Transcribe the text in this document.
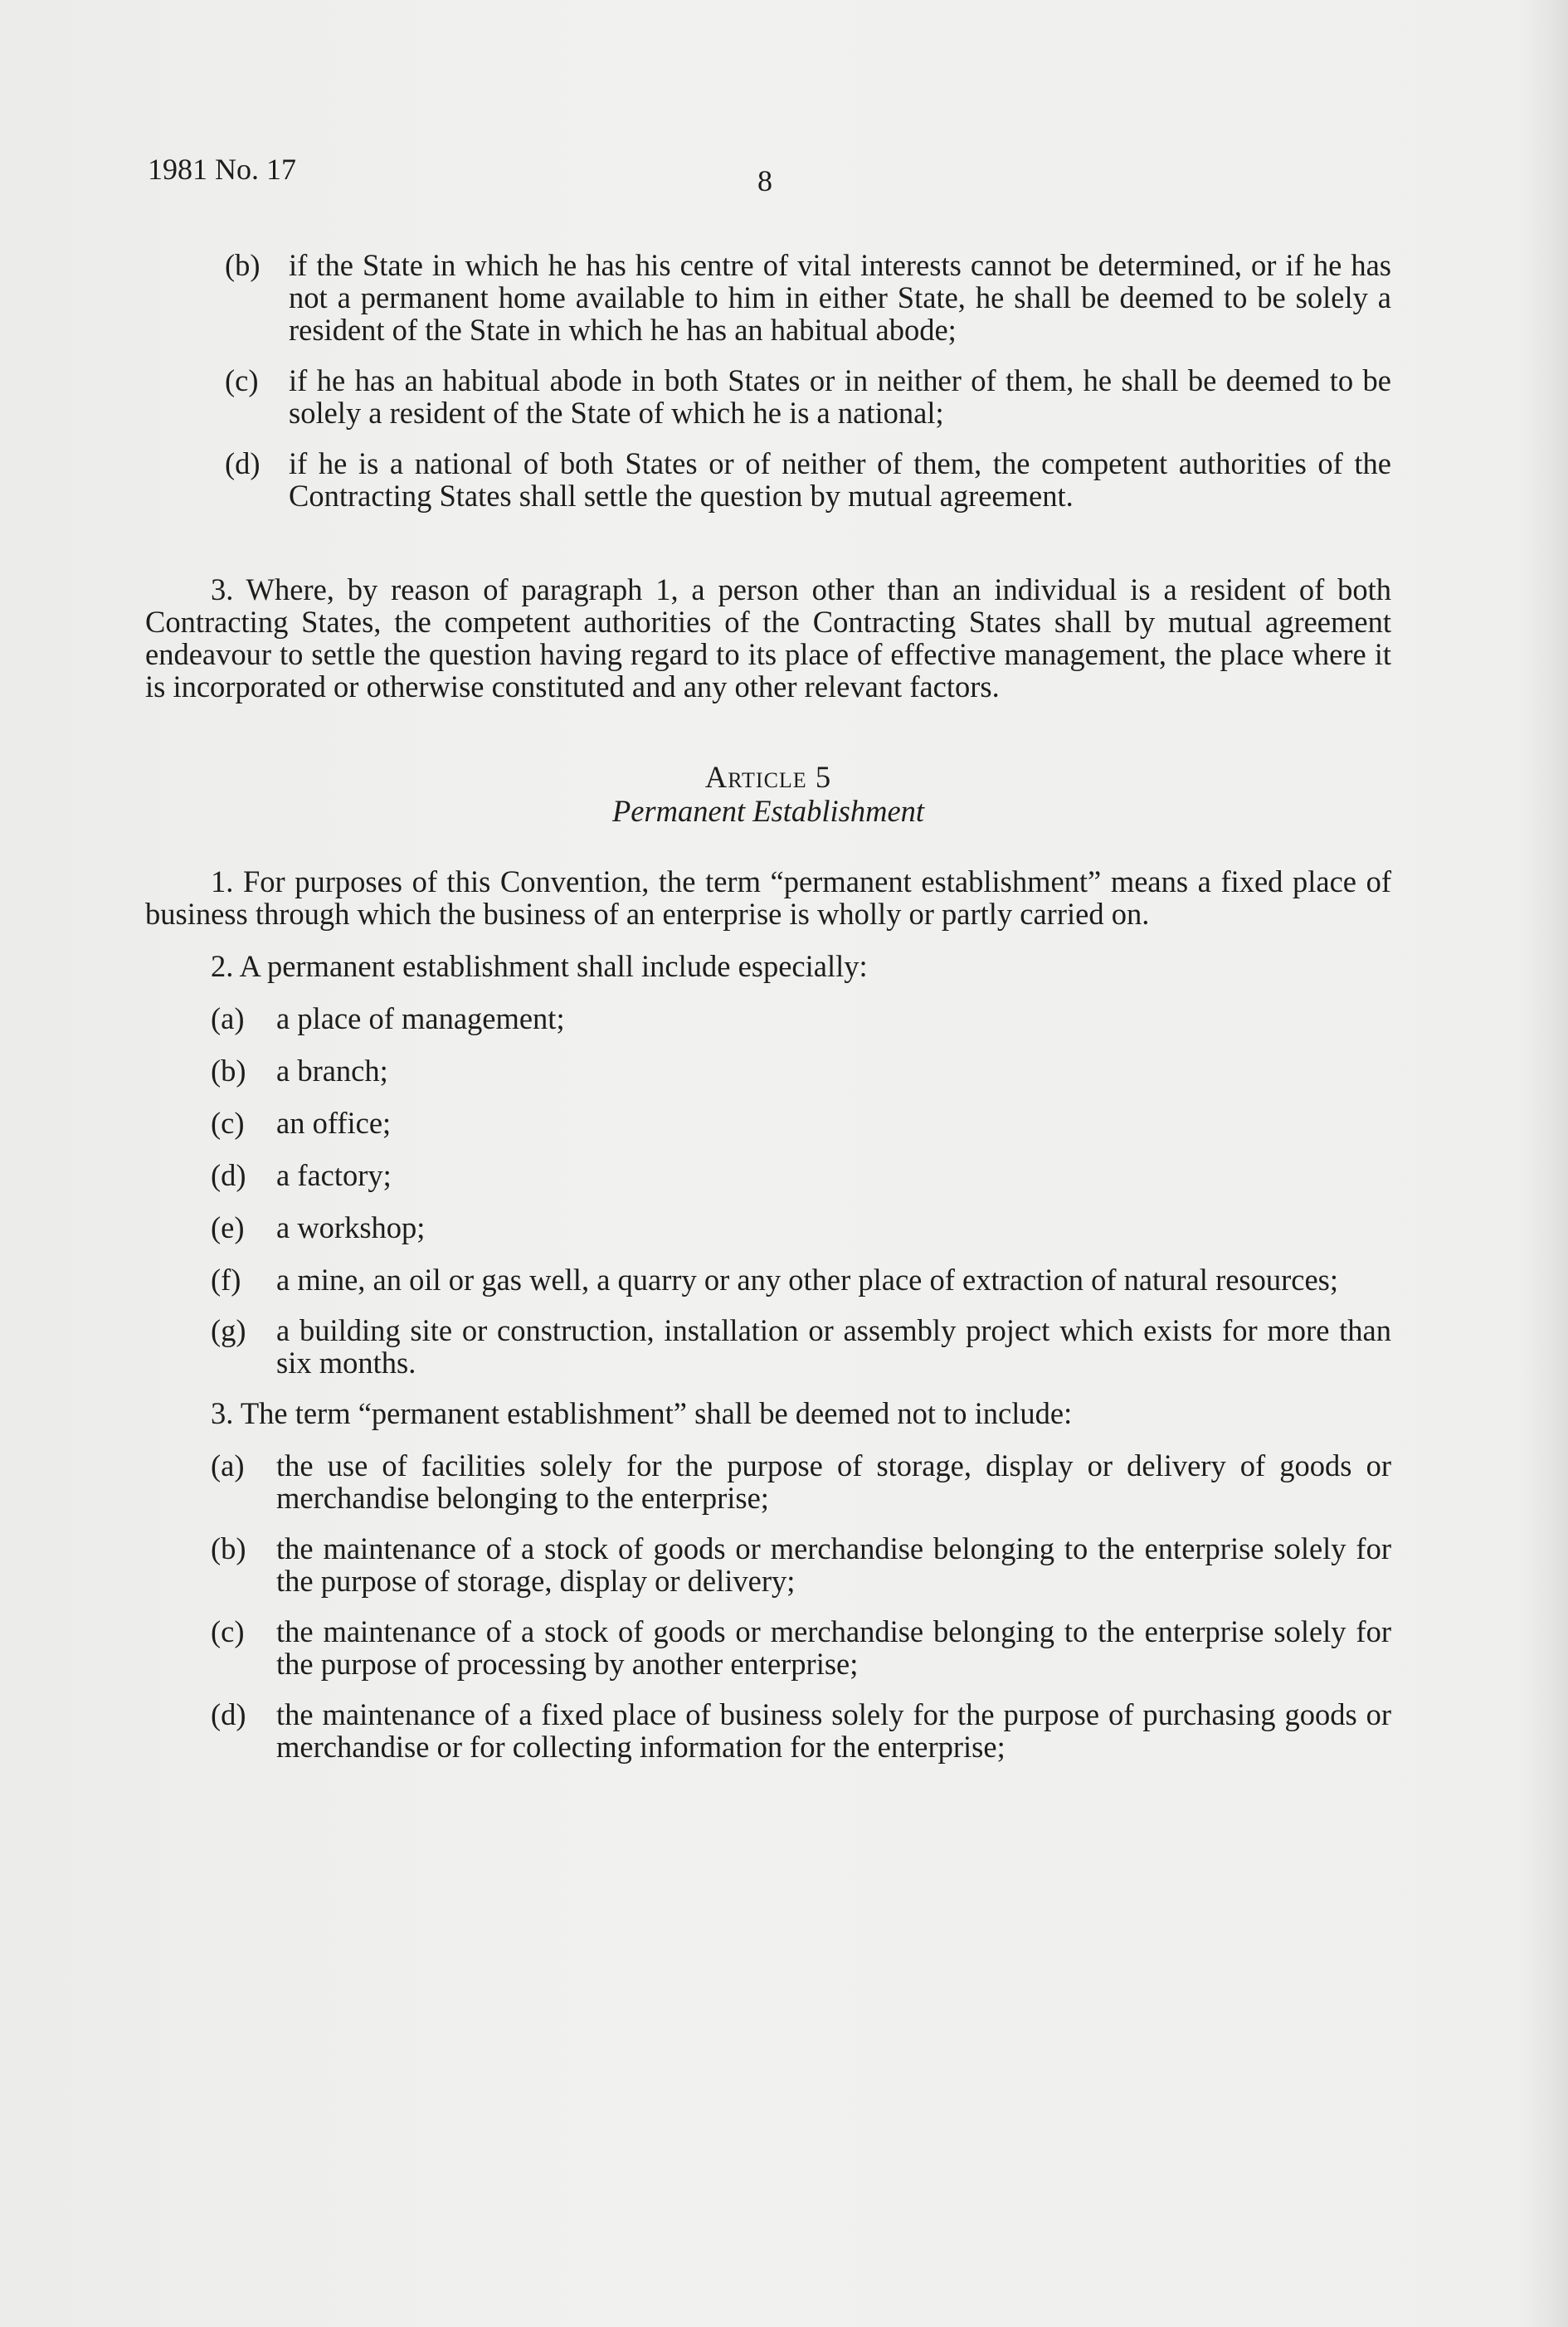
1981 No. 17	8
(b) if the State in which he has his centre of vital interests cannot be determined, or if he has not a permanent home available to him in either State, he shall be deemed to be solely a resident of the State in which he has an habitual abode;
(c) if he has an habitual abode in both States or in neither of them, he shall be deemed to be solely a resident of the State of which he is a national;
(d) if he is a national of both States or of neither of them, the competent authorities of the Contracting States shall settle the question by mutual agreement.

3. Where, by reason of paragraph 1, a person other than an individual is a resident of both Contracting States, the competent authorities of the Contracting States shall by mutual agreement endeavour to settle the question having regard to its place of effective management, the place where it is incorporated or otherwise constituted and any other relevant factors.

Article 5
Permanent Establishment

1. For purposes of this Convention, the term “permanent establishment” means a fixed place of business through which the business of an enterprise is wholly or partly carried on.

2. A permanent establishment shall include especially:

(a) a place of management;
(b) a branch;
(c) an office;
(d) a factory;
(e) a workshop;
(f) a mine, an oil or gas well, a quarry or any other place of extraction of natural resources;
(g) a building site or construction, installation or assembly project which exists for more than six months.

3. The term “permanent establishment” shall be deemed not to include:

(a) the use of facilities solely for the purpose of storage, display or delivery of goods or merchandise belonging to the enterprise;
(b) the maintenance of a stock of goods or merchandise belonging to the enterprise solely for the purpose of storage, display or delivery;
(c) the maintenance of a stock of goods or merchandise belonging to the enterprise solely for the purpose of processing by another enterprise;
(d) the maintenance of a fixed place of business solely for the purpose of purchasing goods or merchandise or for collecting information for the enterprise;
